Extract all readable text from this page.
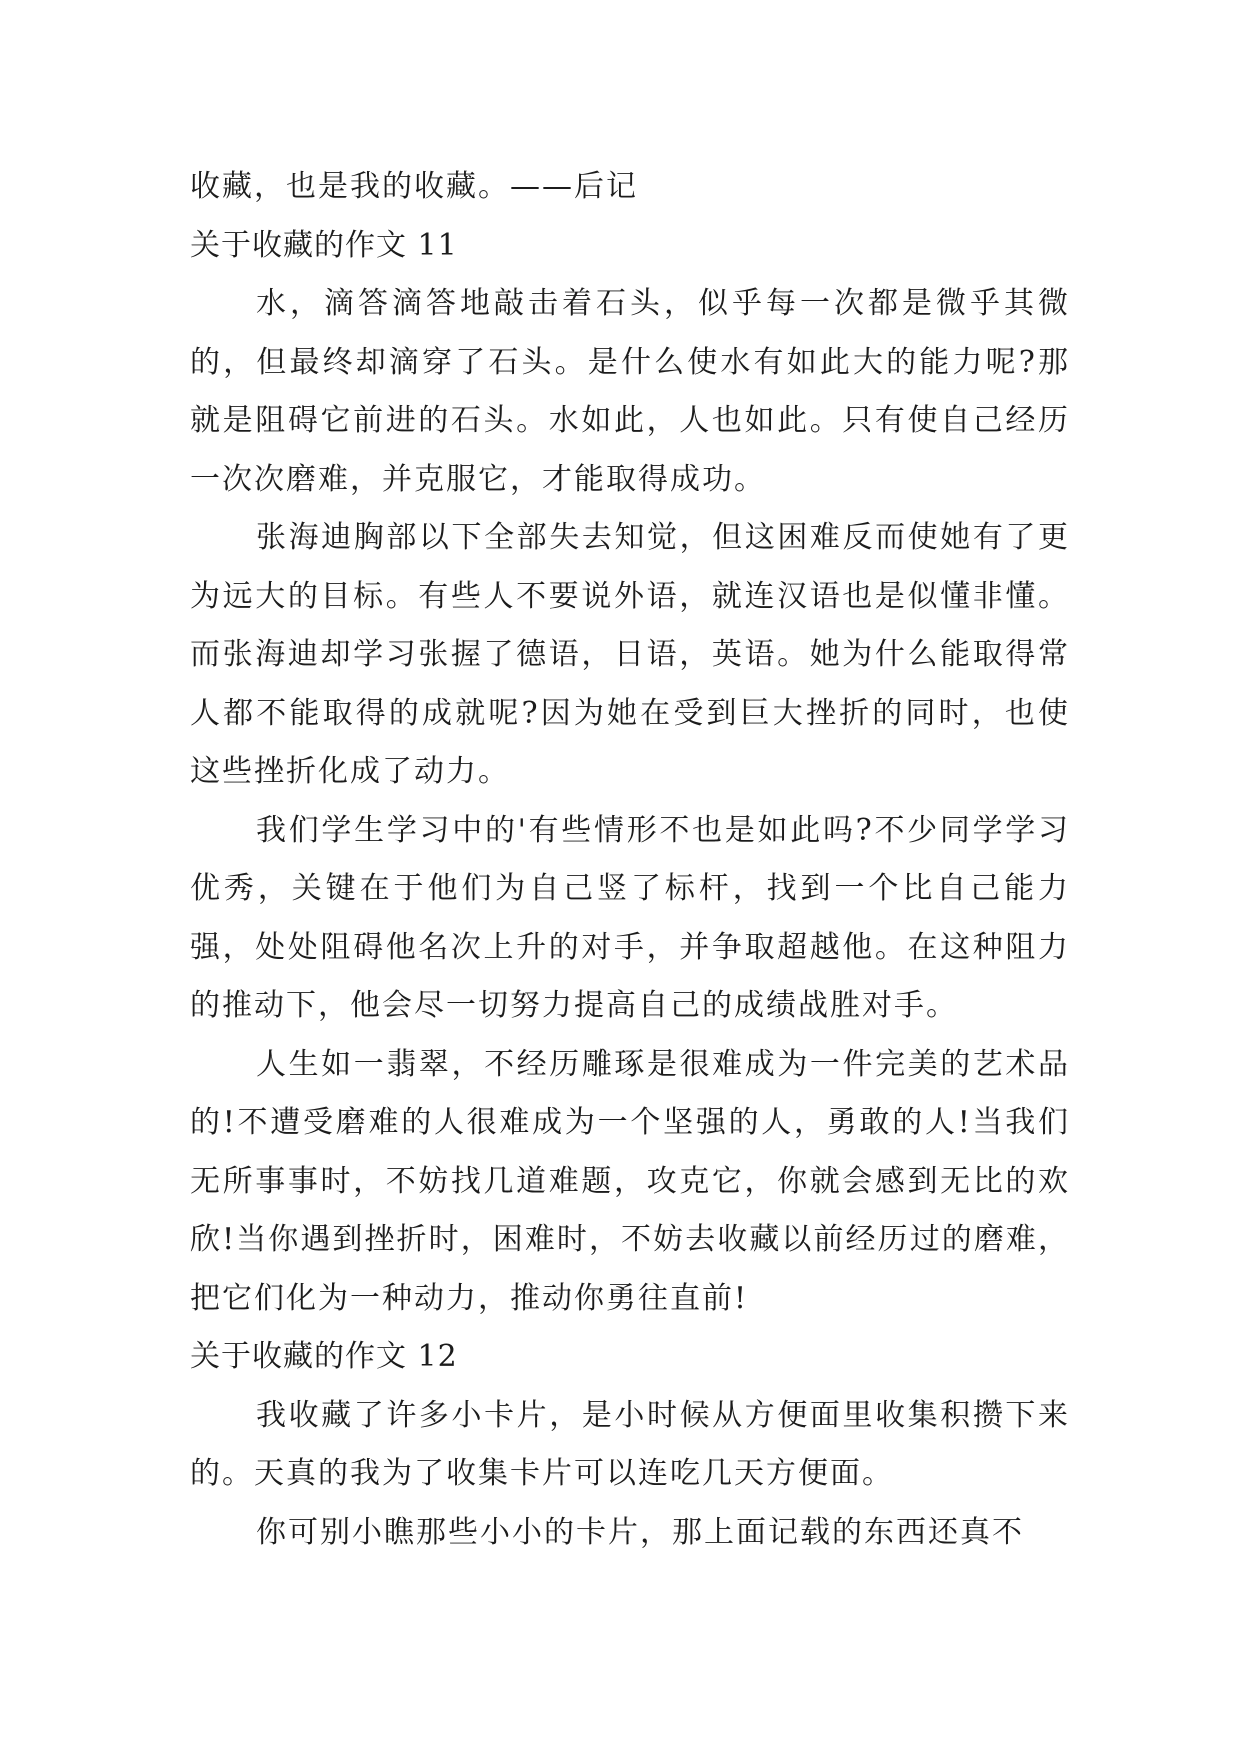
收藏，也是我的收藏。——后记

关于收藏的作文 11

水，滴答滴答地敲击着石头，似乎每一次都是微乎其微的，但最终却滴穿了石头。是什么使水有如此大的能力呢?那就是阻碍它前进的石头。水如此，人也如此。只有使自己经历一次次磨难，并克服它，才能取得成功。

张海迪胸部以下全部失去知觉，但这困难反而使她有了更为远大的目标。有些人不要说外语，就连汉语也是似懂非懂。而张海迪却学习张握了德语，日语，英语。她为什么能取得常人都不能取得的成就呢?因为她在受到巨大挫折的同时，也使这些挫折化成了动力。

我们学生学习中的'有些情形不也是如此吗?不少同学学习优秀，关键在于他们为自己竖了标杆，找到一个比自己能力强，处处阻碍他名次上升的对手，并争取超越他。在这种阻力的推动下，他会尽一切努力提高自己的成绩战胜对手。

人生如一翡翠，不经历雕琢是很难成为一件完美的艺术品的!不遭受磨难的人很难成为一个坚强的人，勇敢的人!当我们无所事事时，不妨找几道难题，攻克它，你就会感到无比的欢欣!当你遇到挫折时，困难时，不妨去收藏以前经历过的磨难，把它们化为一种动力，推动你勇往直前!

关于收藏的作文 12

我收藏了许多小卡片，是小时候从方便面里收集积攒下来的。天真的我为了收集卡片可以连吃几天方便面。

你可别小瞧那些小小的卡片，那上面记载的东西还真不
